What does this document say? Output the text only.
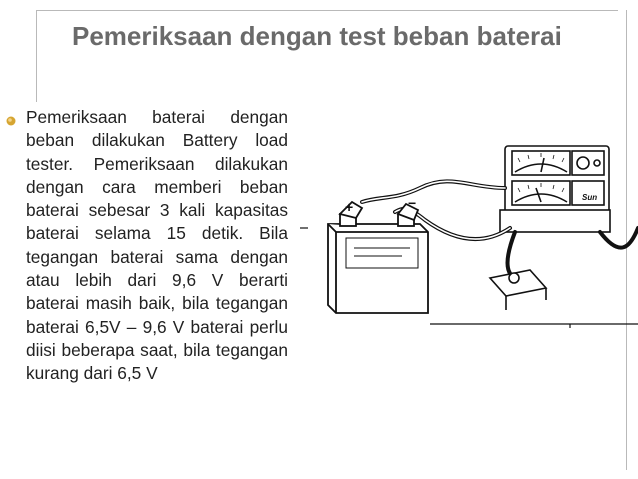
Pemeriksaan dengan test beban baterai
Pemeriksaan baterai dengan beban dilakukan Battery load tester. Pemeriksaan dilakukan dengan cara memberi beban baterai sebesar 3 kali kapasitas baterai selama 15 detik. Bila tegangan baterai sama dengan atau lebih dari 9,6 V berarti baterai masih baik, bila tegangan baterai 6,5V – 9,6 V baterai perlu diisi beberapa saat, bila tegangan kurang dari 6,5 V
Sun
+	−
